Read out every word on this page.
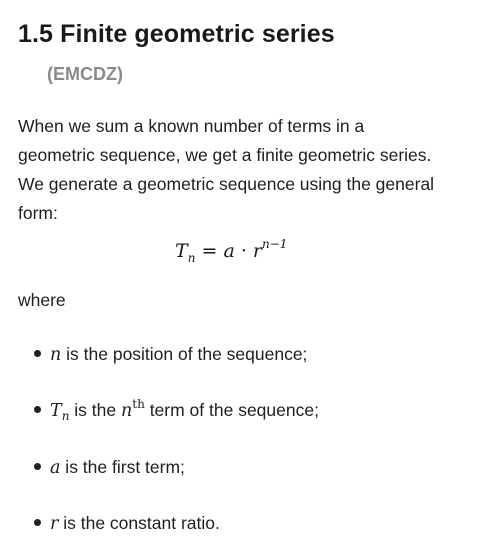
1.5 Finite geometric series
(EMCDZ)
When we sum a known number of terms in a
geometric sequence, we get a finite geometric series.
We generate a geometric sequence using the general
form:
$T_n = a \cdot r^{n-1}$
where
n is the position of the sequence;
$T_n$ is the $n^{th}$ term of the sequence;
a is the first term;
r is the constant ratio.
